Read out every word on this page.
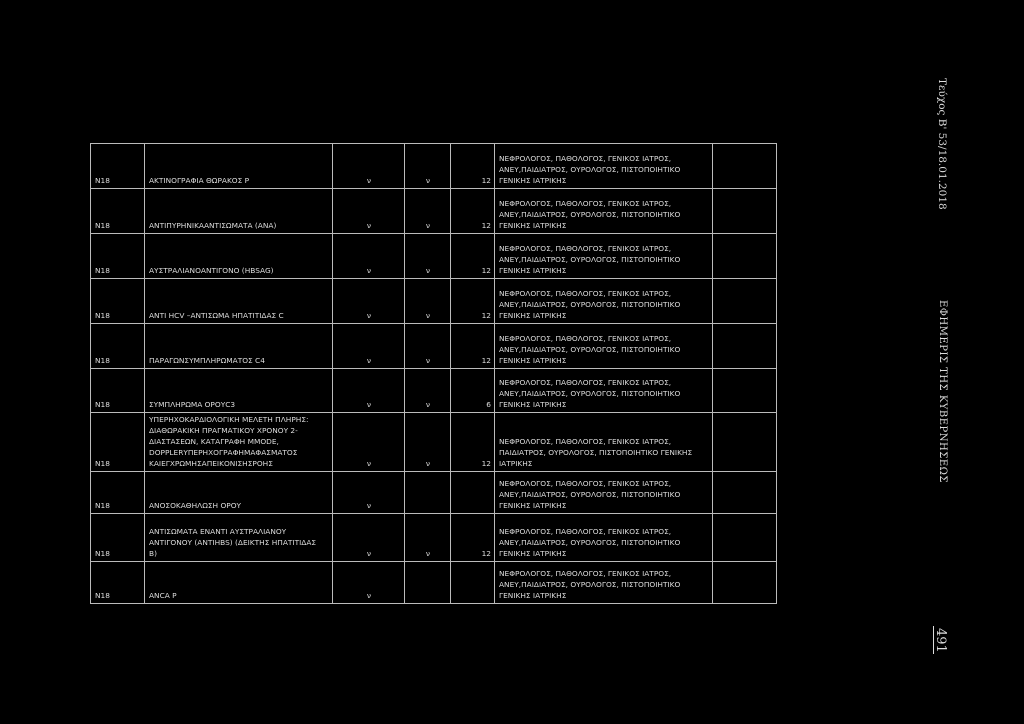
N18	ΑΚΤΙΝΟΓΡΑΦΙΑ ΘΩΡΑΚΟΣ Ρ	ν	ν	12	ΝΕΦΡΟΛΟΓΟΣ, ΠΑΘΟΛΟΓΟΣ, ΓΕΝΙΚΟΣ ΙΑΤΡΟΣ,
ΑΝΕΥ,ΠΑΙΔΙΑΤΡΟΣ, ΟΥΡΟΛΟΓΟΣ, ΠΙΣΤΟΠΟΙΗΤΙΚΟ
ΓΕΝΙΚΗΣ ΙΑΤΡΙΚΗΣ	
N18	ΑΝΤΙΠΥΡΗΝΙΚΑΑΝΤΙΣΩΜΑΤΑ (ANA)	ν	ν	12	ΝΕΦΡΟΛΟΓΟΣ, ΠΑΘΟΛΟΓΟΣ, ΓΕΝΙΚΟΣ ΙΑΤΡΟΣ,
ΑΝΕΥ,ΠΑΙΔΙΑΤΡΟΣ, ΟΥΡΟΛΟΓΟΣ, ΠΙΣΤΟΠΟΙΗΤΙΚΟ
ΓΕΝΙΚΗΣ ΙΑΤΡΙΚΗΣ	
N18	ΑΥΣΤΡΑΛΙΑΝΟΑΝΤΙΓΟΝΟ (HBSAG)	ν	ν	12	ΝΕΦΡΟΛΟΓΟΣ, ΠΑΘΟΛΟΓΟΣ, ΓΕΝΙΚΟΣ ΙΑΤΡΟΣ,
ΑΝΕΥ,ΠΑΙΔΙΑΤΡΟΣ, ΟΥΡΟΛΟΓΟΣ, ΠΙΣΤΟΠΟΙΗΤΙΚΟ
ΓΕΝΙΚΗΣ ΙΑΤΡΙΚΗΣ	
N18	ANTI HCV –ΑΝΤΙΣΩΜΑ ΗΠΑΤΙΤΙΔΑΣ C	ν	ν	12	ΝΕΦΡΟΛΟΓΟΣ, ΠΑΘΟΛΟΓΟΣ, ΓΕΝΙΚΟΣ ΙΑΤΡΟΣ,
ΑΝΕΥ,ΠΑΙΔΙΑΤΡΟΣ, ΟΥΡΟΛΟΓΟΣ, ΠΙΣΤΟΠΟΙΗΤΙΚΟ
ΓΕΝΙΚΗΣ ΙΑΤΡΙΚΗΣ	
N18	ΠΑΡΑΓΩΝΣΥΜΠΛΗΡΩΜΑΤΟΣ C4	ν	ν	12	ΝΕΦΡΟΛΟΓΟΣ, ΠΑΘΟΛΟΓΟΣ, ΓΕΝΙΚΟΣ ΙΑΤΡΟΣ,
ΑΝΕΥ,ΠΑΙΔΙΑΤΡΟΣ, ΟΥΡΟΛΟΓΟΣ, ΠΙΣΤΟΠΟΙΗΤΙΚΟ
ΓΕΝΙΚΗΣ ΙΑΤΡΙΚΗΣ	
N18	ΣΥΜΠΛΗΡΩΜΑ ΟΡΟΥC3	ν	ν	6	ΝΕΦΡΟΛΟΓΟΣ, ΠΑΘΟΛΟΓΟΣ, ΓΕΝΙΚΟΣ ΙΑΤΡΟΣ,
ΑΝΕΥ,ΠΑΙΔΙΑΤΡΟΣ, ΟΥΡΟΛΟΓΟΣ, ΠΙΣΤΟΠΟΙΗΤΙΚΟ
ΓΕΝΙΚΗΣ ΙΑΤΡΙΚΗΣ	
N18	ΥΠΕΡΗΧΟΚΑΡΔΙΟΛΟΓΙΚΗ ΜΕΛΕΤΗ ΠΛΗΡΗΣ:
ΔΙΑΘΩΡΑΚΙΚΗ ΠΡΑΓΜΑΤΙΚΟΥ ΧΡΟΝΟΥ 2-
ΔΙΑΣΤΑΣΕΩΝ, ΚΑΤΑΓΡΑΦΗ MMODE,
DOPPLERΥΠΕΡΗΧΟΓΡΑΦΗΜΑΦΑΣΜΑΤΟΣ
ΚΑΙΕΓΧΡΩΜΗΣΑΠΕΙΚΟΝΙΣΗΣΡΟΗΣ	ν	ν	12	ΝΕΦΡΟΛΟΓΟΣ, ΠΑΘΟΛΟΓΟΣ, ΓΕΝΙΚΟΣ ΙΑΤΡΟΣ,
ΠΑΙΔΙΑΤΡΟΣ, ΟΥΡΟΛΟΓΟΣ, ΠΙΣΤΟΠΟΙΗΤΙΚΟ ΓΕΝΙΚΗΣ
ΙΑΤΡΙΚΗΣ	
N18	ΑΝΟΣΟΚΑΘΗΛΩΣΗ ΟΡΟΥ	ν			ΝΕΦΡΟΛΟΓΟΣ, ΠΑΘΟΛΟΓΟΣ, ΓΕΝΙΚΟΣ ΙΑΤΡΟΣ,
ΑΝΕΥ,ΠΑΙΔΙΑΤΡΟΣ, ΟΥΡΟΛΟΓΟΣ, ΠΙΣΤΟΠΟΙΗΤΙΚΟ
ΓΕΝΙΚΗΣ ΙΑΤΡΙΚΗΣ	
N18	ΑΝΤΙΣΩΜΑΤΑ ΕΝΑΝΤΙ ΑΥΣΤΡΑΛΙΑΝΟΥ
ΑΝΤΙΓΟΝΟΥ (ANTIHBS) (ΔΕΙΚΤΗΣ ΗΠΑΤΙΤΙΔΑΣ
B)	ν	ν	12	ΝΕΦΡΟΛΟΓΟΣ, ΠΑΘΟΛΟΓΟΣ, ΓΕΝΙΚΟΣ ΙΑΤΡΟΣ,
ΑΝΕΥ,ΠΑΙΔΙΑΤΡΟΣ, ΟΥΡΟΛΟΓΟΣ, ΠΙΣΤΟΠΟΙΗΤΙΚΟ
ΓΕΝΙΚΗΣ ΙΑΤΡΙΚΗΣ	
N18	ANCA P	ν			ΝΕΦΡΟΛΟΓΟΣ, ΠΑΘΟΛΟΓΟΣ, ΓΕΝΙΚΟΣ ΙΑΤΡΟΣ,
ΑΝΕΥ,ΠΑΙΔΙΑΤΡΟΣ, ΟΥΡΟΛΟΓΟΣ, ΠΙΣΤΟΠΟΙΗΤΙΚΟ
ΓΕΝΙΚΗΣ ΙΑΤΡΙΚΗΣ	
Τεύχος Β' 53/18.01.2018
ΕΦΗΜΕΡΙΣ ΤΗΣ ΚΥΒΕΡΝΗΣΕΩΣ
491
